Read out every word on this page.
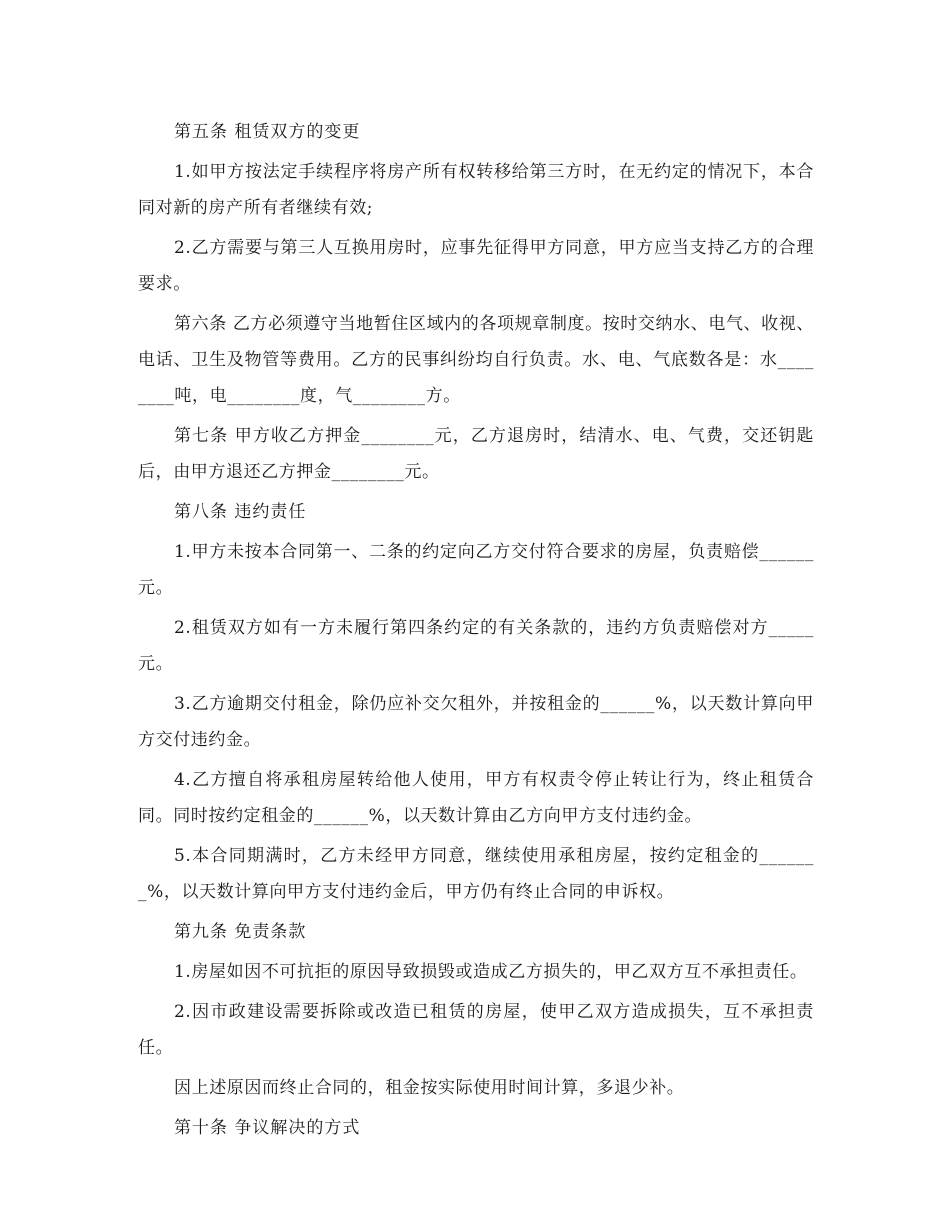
第五条 租赁双方的变更

1.如甲方按法定手续程序将房产所有权转移给第三方时，在无约定的情况下，本合同对新的房产所有者继续有效;

2.乙方需要与第三人互换用房时，应事先征得甲方同意，甲方应当支持乙方的合理要求。

第六条 乙方必须遵守当地暂住区域内的各项规章制度。按时交纳水、电气、收视、电话、卫生及物管等费用。乙方的民事纠纷均自行负责。水、电、气底数各是：水________吨，电________度，气________方。

第七条 甲方收乙方押金________元，乙方退房时，结清水、电、气费，交还钥匙后，由甲方退还乙方押金________元。

第八条 违约责任

1.甲方未按本合同第一、二条的约定向乙方交付符合要求的房屋，负责赔偿______元。

2.租赁双方如有一方未履行第四条约定的有关条款的，违约方负责赔偿对方_____元。

3.乙方逾期交付租金，除仍应补交欠租外，并按租金的______%，以天数计算向甲方交付违约金。

4.乙方擅自将承租房屋转给他人使用，甲方有权责令停止转让行为，终止租赁合同。同时按约定租金的______%，以天数计算由乙方向甲方支付违约金。

5.本合同期满时，乙方未经甲方同意，继续使用承租房屋，按约定租金的_______%，以天数计算向甲方支付违约金后，甲方仍有终止合同的申诉权。

第九条 免责条款

1.房屋如因不可抗拒的原因导致损毁或造成乙方损失的，甲乙双方互不承担责任。

2.因市政建设需要拆除或改造已租赁的房屋，使甲乙双方造成损失，互不承担责任。

因上述原因而终止合同的，租金按实际使用时间计算，多退少补。

第十条 争议解决的方式
